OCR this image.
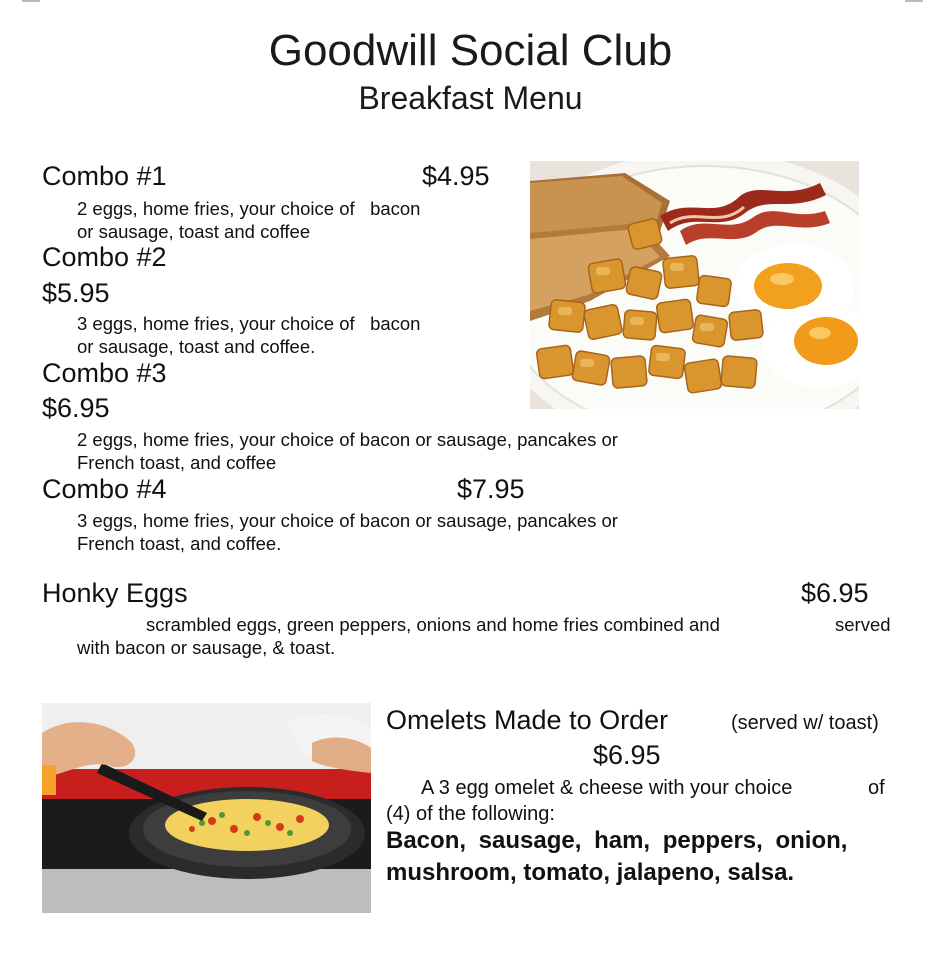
Goodwill Social Club
Breakfast Menu
Combo #1	$4.95
2 eggs, home fries, your choice of   bacon
or sausage, toast and coffee
Combo #2
$5.95
3 eggs, home fries, your choice of   bacon
or sausage, toast and coffee.
Combo #3
$6.95
2 eggs, home fries, your choice of bacon or sausage, pancakes or
French toast, and coffee
Combo #4	$7.95
3 eggs, home fries, your choice of bacon or sausage, pancakes or
French toast, and coffee.
Honky Eggs	$6.95
scrambled eggs, green peppers, onions and home fries combined and	served
with bacon or sausage, & toast.
Omelets Made to Order	(served w/ toast)
$6.95
A 3 egg omelet & cheese with your choice	of
(4) of the following:
Bacon, sausage, ham, peppers, onion,
mushroom, tomato, jalapeno, salsa.
